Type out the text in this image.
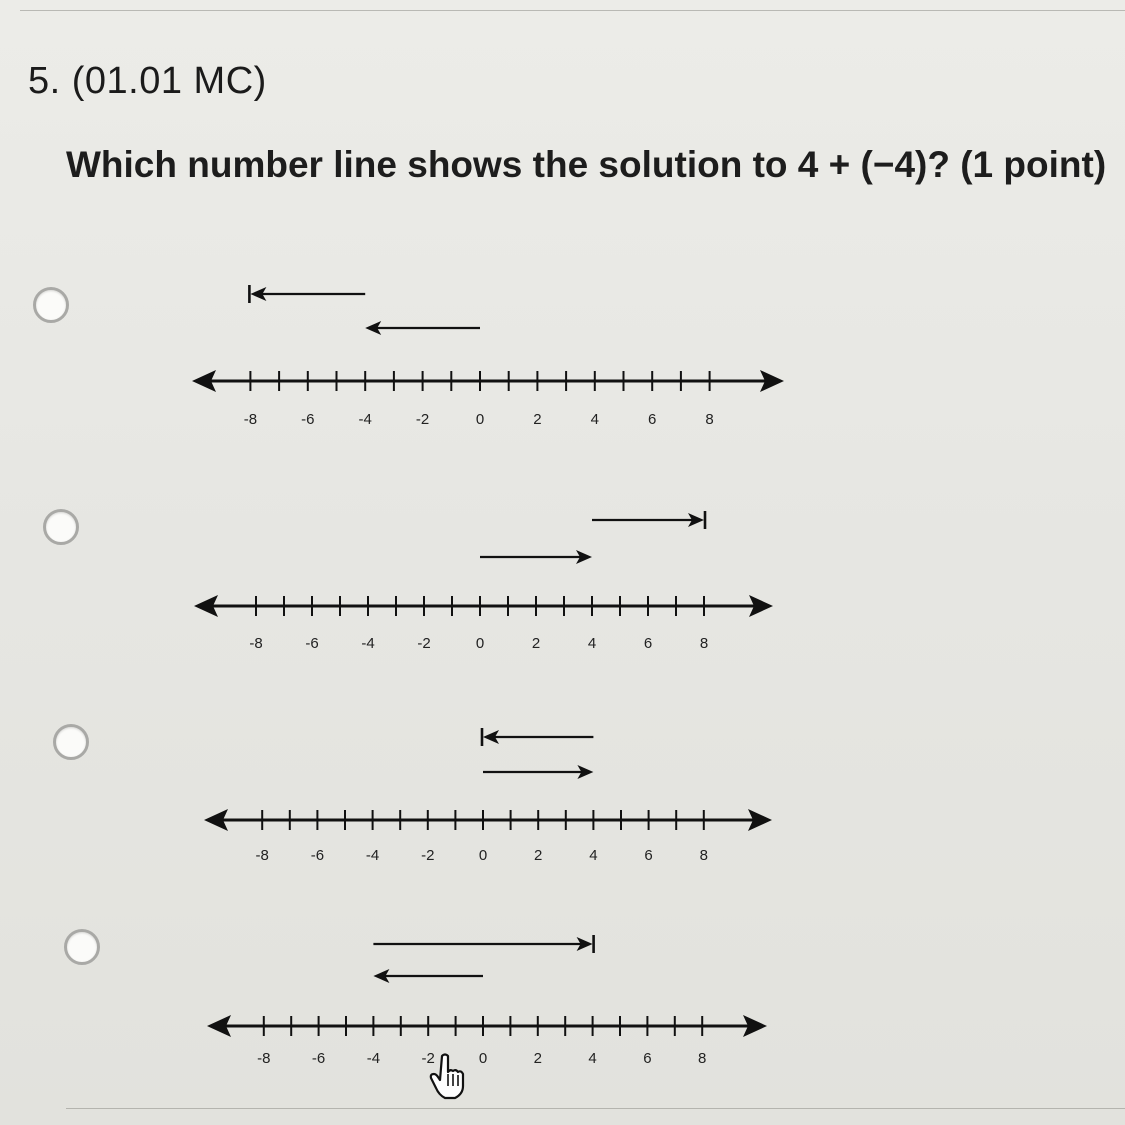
5. (01.01 MC)
Which number line shows the solution to 4 + (−4)? (1 point)
-8	-6	-4	-2	0	2	4	6	8
-8	-6	-4	-2	0	2	4	6	8
-8	-6	-4	-2	0	2	4	6	8
-8	-6	-4	-2	0	2	4	6	8
